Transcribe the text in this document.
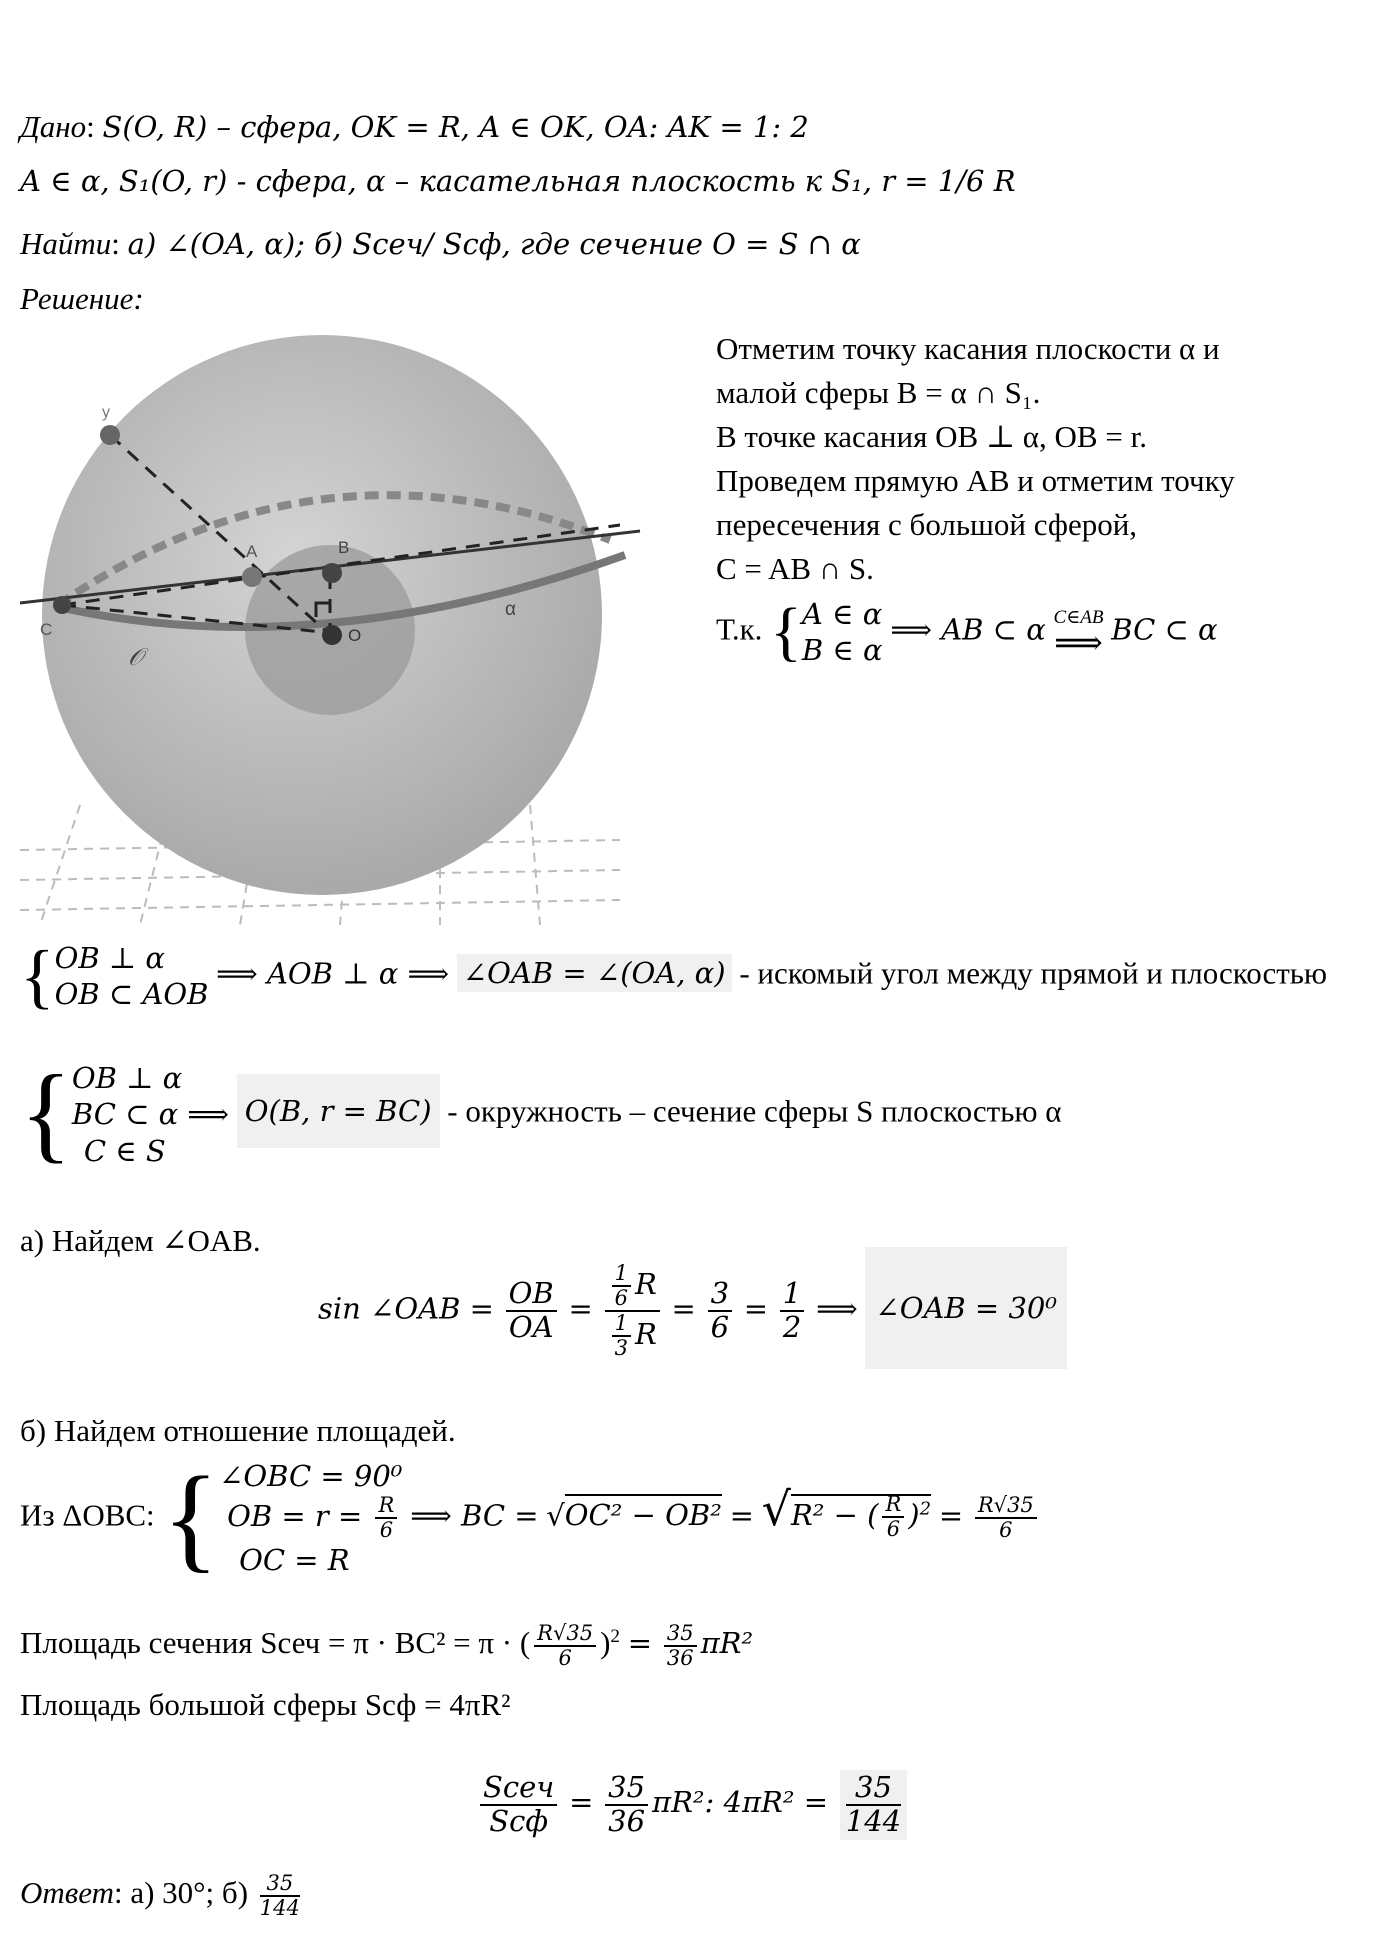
Дано: S(O, R) – сфера, OK = R, A ∈ OK, OA: AK = 1: 2
A ∈ α, S₁(O, r) - сфера, α – касательная плоскость к S₁, r = 1/6 R
Найти: а) ∠(OA, α); б) Sсеч/ Sсф, где сечение O = S ∩ α
Решение:
y
A	B
O
C
α
𝒪
Отметим точку касания плоскости α и
малой сферы B = α ∩ S₁.
В точке касания OB ⊥ α, OB = r.
Проведем прямую AB и отметим точку
пересечения с большой сферой,
C = AB ∩ S.
Т.к. { A ∈ α
B ∈ α
⟹ AB ⊂ α C∈AB
⟹ BC ⊂ α
{ OB ⊥ α
OB ⊂ AOB
⟹ AOB ⊥ α ⟹ ∠OAB = ∠(OA, α) - искомый угол между прямой и плоскостью
{ OB ⊥ α
BC ⊂ α ⟹
C ∈ S
O(B, r = BC) - окружность – сечение сферы S плоскостью α
а) Найдем ∠OAB.
sin ∠OAB = $\frac{OB}{OA} = \frac{\frac{1}{6} R}{\frac{1}{3} R} = \frac{3}{6} = \frac{1}{2}$ ⟹ ∠OAB = 30⁰
б) Найдем отношение площадей.
Из ΔOBC: { ∠OBC = 90⁰
OB = $r = \frac{R}{6}$
OC = R
⟹ BC = √OC² − OB² = √R² − ( $\frac{R}{6} )^2 = \frac{R√35}{6}$
Площадь сечения Sсеч = π · BC² = π · ( $\frac{R√35}{6} )^2 = \frac{35}{36} \pi R^2$
Площадь большой сферы Sсф = 4πR²
$\frac{\text{Sсеч}}{\text{Sсф}} = \frac{35}{36} \pi R^2$: $4\pi R^2 = \frac{35}{144}$
Ответ: а) 30°; $б) \frac{35}{144}$
